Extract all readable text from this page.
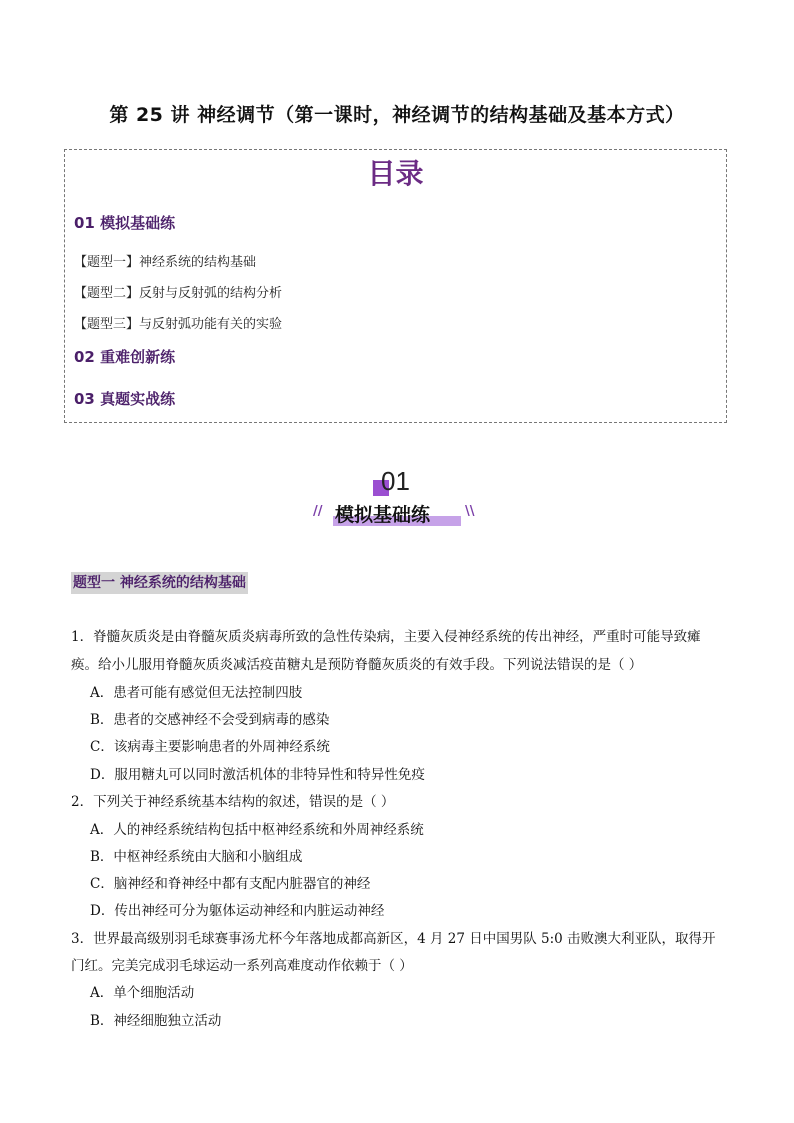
第 25 讲 神经调节（第一课时，神经调节的结构基础及基本方式）
目录
01 模拟基础练
【题型一】神经系统的结构基础
【题型二】反射与反射弧的结构分析
【题型三】与反射弧功能有关的实验
02 重难创新练
03 真题实战练
01
// 模拟基础练	\\
题型一 神经系统的结构基础
1．脊髓灰质炎是由脊髓灰质炎病毒所致的急性传染病，主要入侵神经系统的传出神经，严重时可能导致瘫
痪。给小儿服用脊髓灰质炎减活疫苗糖丸是预防脊髓灰质炎的有效手段。下列说法错误的是（ ）
A．患者可能有感觉但无法控制四肢
B．患者的交感神经不会受到病毒的感染
C．该病毒主要影响患者的外周神经系统
D．服用糖丸可以同时激活机体的非特异性和特异性免疫
2．下列关于神经系统基本结构的叙述，错误的是（ ）
A．人的神经系统结构包括中枢神经系统和外周神经系统
B．中枢神经系统由大脑和小脑组成
C．脑神经和脊神经中都有支配内脏器官的神经
D．传出神经可分为躯体运动神经和内脏运动神经
3．世界最高级别羽毛球赛事汤尤杯今年落地成都高新区，4 月 27 日中国男队 5:0 击败澳大利亚队，取得开
门红。完美完成羽毛球运动一系列高难度动作依赖于（ ）
A．单个细胞活动
B．神经细胞独立活动
